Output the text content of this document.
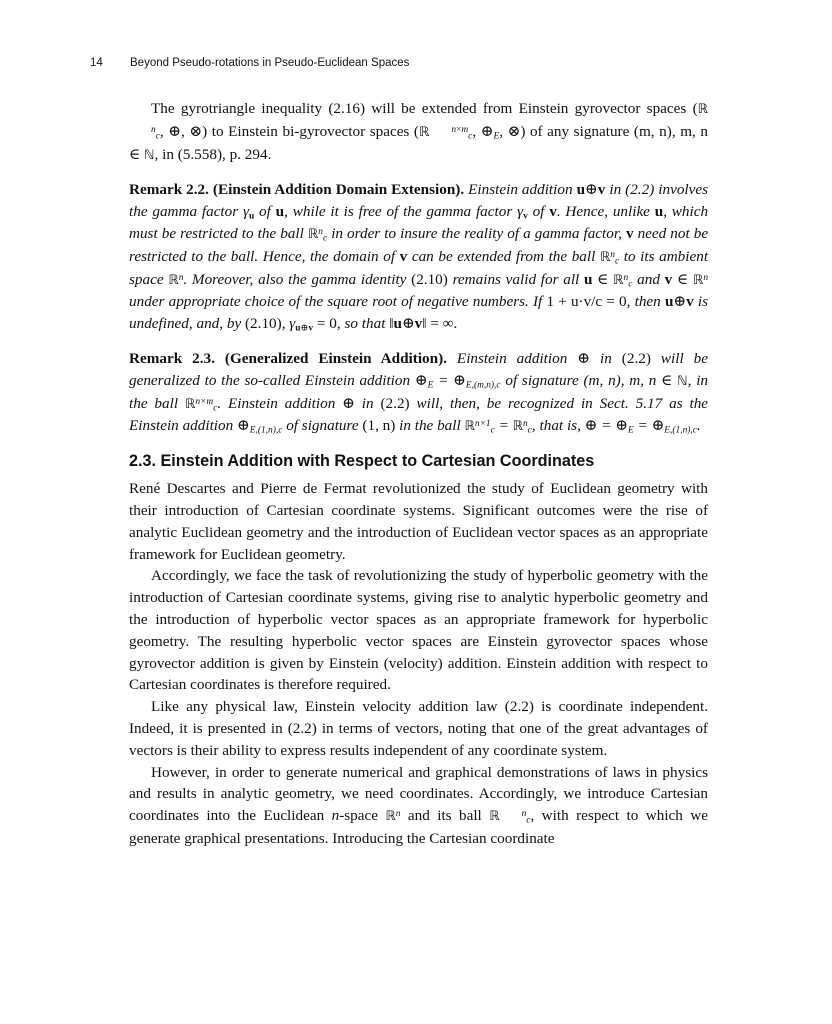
14 Beyond Pseudo-rotations in Pseudo-Euclidean Spaces

The gyrotriangle inequality (2.16) will be extended from Einstein gyrovector spaces (ℝ$^n_c$, ⊕, ⊗) to Einstein bi-gyrovector spaces (ℝ $^{n\times m}_c$, $\oplus_E$, ⊗) of any signature (m, n), m, n ∈ ℕ, in (5.558), p. 294.

Remark 2.2. (Einstein Addition Domain Extension). Einstein addition u⊕v in (2.2) involves the gamma factor $\gamma_u$ of u, while it is free of the gamma factor $\gamma_v$ of v. Hence, unlike u, which must be restricted to the ball ℝ$^n_c$ in order to insure the reality of a gamma factor, v need not be restricted to the ball. Hence, the domain of v can be extended from the ball ℝ$^n_c$ to its ambient space ℝ$^n$. Moreover, also the gamma identity (2.10) remains valid for all u ∈ ℝ$^n_c$ and v ∈ ℝ$^n$ under appropriate choice of the square root of negative numbers. If 1 + u·v/c = 0, then u⊕v is undefined, and, by (2.10), $\gamma_{u\oplus v} = 0$, so that ‖u⊕v‖ = ∞.

Remark 2.3. (Generalized Einstein Addition). Einstein addition ⊕ in (2.2) will be generalized to the so-called Einstein addition $\oplus_E$ = $\oplus_{E,(m,n),c}$ of signature (m, n), m, n ∈ ℕ, in the ball ℝ$^{n\times m}_c$. Einstein addition ⊕ in (2.2) will, then, be recognized in Sect. 5.17 as the Einstein addition $\oplus_{E,(1,n),c}$ of signature (1, n) in the ball ℝ$^{n\times 1}_c$ = ℝ$^n_c$, that is, ⊕ = $\oplus_E$ = $\oplus_{E,(1,n),c}$.

2.3. Einstein Addition with Respect to Cartesian Coordinates

René Descartes and Pierre de Fermat revolutionized the study of Euclidean geometry with their introduction of Cartesian coordinate systems. Significant outcomes were the rise of analytic Euclidean geometry and the introduction of Euclidean vector spaces as an appropriate framework for Euclidean geometry.

Accordingly, we face the task of revolutionizing the study of hyperbolic geometry with the introduction of Cartesian coordinate systems, giving rise to analytic hyperbolic geometry and the introduction of hyperbolic vector spaces as an appropriate framework for hyperbolic geometry. The resulting hyperbolic vector spaces are Einstein gyrovector spaces whose gyrovector addition is given by Einstein (velocity) addition. Einstein addition with respect to Cartesian coordinates is therefore required.

Like any physical law, Einstein velocity addition law (2.2) is coordinate independent. Indeed, it is presented in (2.2) in terms of vectors, noting that one of the great advantages of vectors is their ability to express results independent of any coordinate system.

However, in order to generate numerical and graphical demonstrations of laws in physics and results in analytic geometry, we need coordinates. Accordingly, we introduce Cartesian coordinates into the Euclidean n-space ℝ$^n$ and its ball ℝ $^n_c$, with respect to which we generate graphical presentations. Introducing the Cartesian coordinate
